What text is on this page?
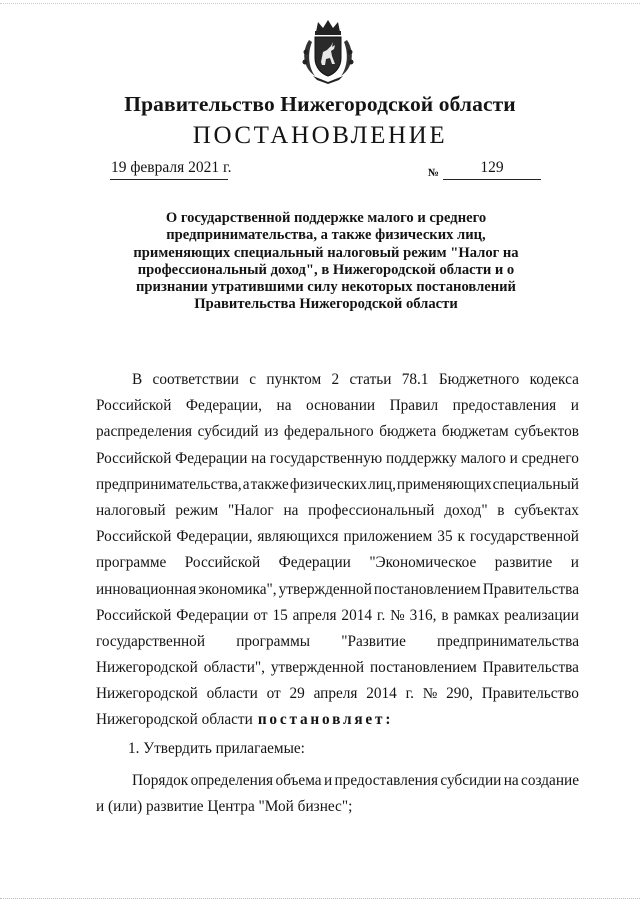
Правительство Нижегородской области
ПОСТАНОВЛЕНИЕ
19 февраля 2021 г.	№	129
О государственной поддержке малого и среднего
предпринимательства, а также физических лиц,
применяющих специальный налоговый режим "Налог на
профессиональный доход", в Нижегородской области и о
признании утратившими силу некоторых постановлений
Правительства Нижегородской области
В соответствии с пунктом 2 статьи 78.1 Бюджетного кодекса
Российской Федерации, на основании Правил предоставления и
распределения субсидий из федерального бюджета бюджетам субъектов
Российской Федерации на государственную поддержку малого и среднего
предпринимательства, а также физических лиц, применяющих специальный
налоговый режим "Налог на профессиональный доход" в субъектах
Российской Федерации, являющихся приложением 35 к государственной
программе Российской Федерации "Экономическое развитие и
инновационная экономика", утвержденной постановлением Правительства
Российской Федерации от 15 апреля 2014 г. № 316, в рамках реализации
государственной программы "Развитие предпринимательства
Нижегородской области", утвержденной постановлением Правительства
Нижегородской области от 29 апреля 2014 г. № 290, Правительство
Нижегородской области постановляет :
1. Утвердить прилагаемые:
Порядок определения объема и предоставления субсидии на создание
и (или) развитие Центра "Мой бизнес";
